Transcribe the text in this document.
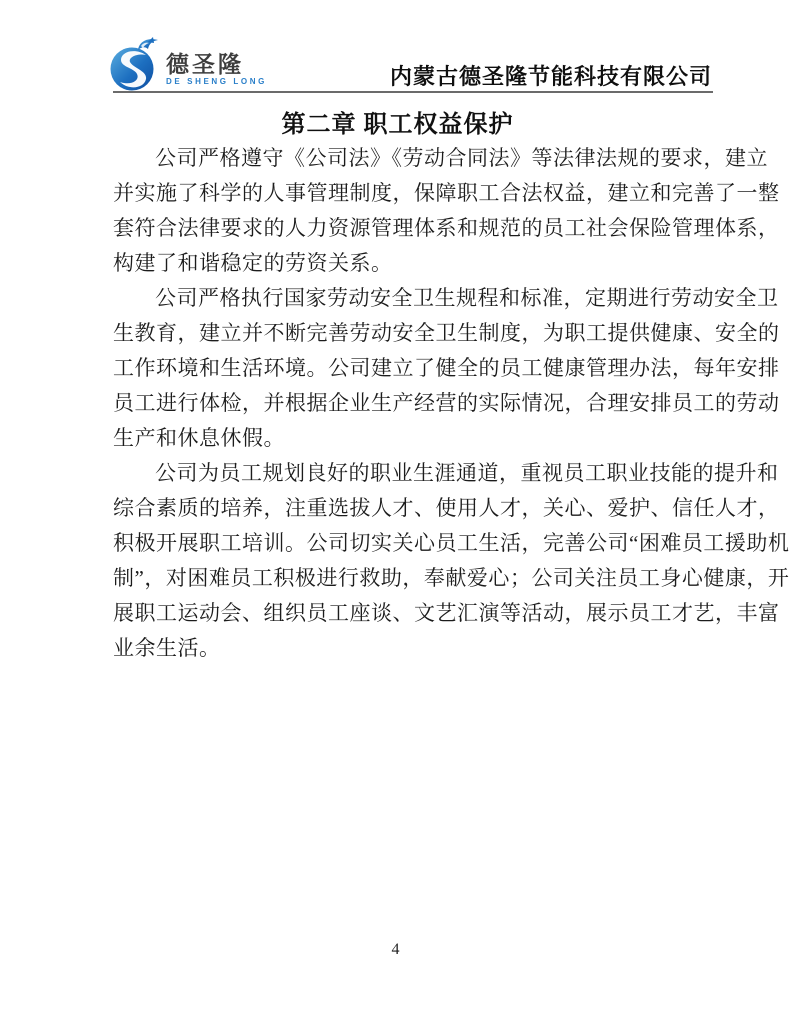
德圣隆
DE SHENG LONG	内蒙古德圣隆节能科技有限公司
第二章 职工权益保护
公司严格遵守《公司法》《劳动合同法》等法律法规的要求，建立
并实施了科学的人事管理制度，保障职工合法权益，建立和完善了一整
套符合法律要求的人力资源管理体系和规范的员工社会保险管理体系，
构建了和谐稳定的劳资关系。
公司严格执行国家劳动安全卫生规程和标准，定期进行劳动安全卫
生教育，建立并不断完善劳动安全卫生制度，为职工提供健康、安全的
工作环境和生活环境。公司建立了健全的员工健康管理办法，每年安排
员工进行体检，并根据企业生产经营的实际情况，合理安排员工的劳动
生产和休息休假。
公司为员工规划良好的职业生涯通道，重视员工职业技能的提升和
综合素质的培养，注重选拔人才、使用人才，关心、爱护、信任人才，
积极开展职工培训。公司切实关心员工生活，完善公司“困难员工援助机
制”，对困难员工积极进行救助，奉献爱心；公司关注员工身心健康，开
展职工运动会、组织员工座谈、文艺汇演等活动，展示员工才艺，丰富
业余生活。
4
